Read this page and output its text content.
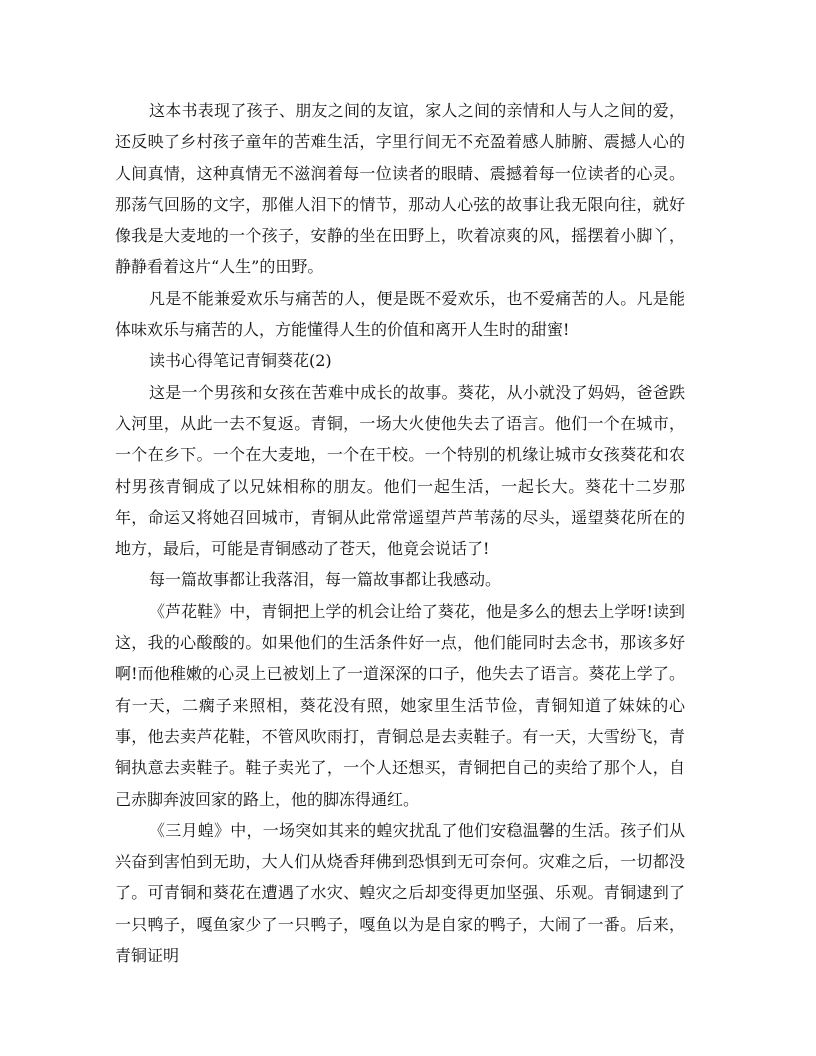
这本书表现了孩子、朋友之间的友谊，家人之间的亲情和人与人之间的爱，还反映了乡村孩子童年的苦难生活，字里行间无不充盈着感人肺腑、震撼人心的人间真情，这种真情无不滋润着每一位读者的眼睛、震撼着每一位读者的心灵。那荡气回肠的文字，那催人泪下的情节，那动人心弦的故事让我无限向往，就好像我是大麦地的一个孩子，安静的坐在田野上，吹着凉爽的风，摇摆着小脚丫，静静看着这片“人生”的田野。

凡是不能兼爱欢乐与痛苦的人，便是既不爱欢乐，也不爱痛苦的人。凡是能体味欢乐与痛苦的人，方能懂得人生的价值和离开人生时的甜蜜!

读书心得笔记青铜葵花(2)

这是一个男孩和女孩在苦难中成长的故事。葵花，从小就没了妈妈，爸爸跌入河里，从此一去不复返。青铜，一场大火使他失去了语言。他们一个在城市，一个在乡下。一个在大麦地，一个在干校。一个特别的机缘让城市女孩葵花和农村男孩青铜成了以兄妹相称的朋友。他们一起生活，一起长大。葵花十二岁那年，命运又将她召回城市，青铜从此常常遥望芦芦苇荡的尽头，遥望葵花所在的地方，最后，可能是青铜感动了苍天，他竟会说话了!

每一篇故事都让我落泪，每一篇故事都让我感动。

《芦花鞋》中，青铜把上学的机会让给了葵花，他是多么的想去上学呀!读到这，我的心酸酸的。如果他们的生活条件好一点，他们能同时去念书，那该多好啊!而他稚嫩的心灵上已被划上了一道深深的口子，他失去了语言。葵花上学了。有一天，二瘸子来照相，葵花没有照，她家里生活节俭，青铜知道了妹妹的心事，他去卖芦花鞋，不管风吹雨打，青铜总是去卖鞋子。有一天，大雪纷飞，青铜执意去卖鞋子。鞋子卖光了，一个人还想买，青铜把自己的卖给了那个人，自己赤脚奔波回家的路上，他的脚冻得通红。

《三月蝗》中，一场突如其来的蝗灾扰乱了他们安稳温馨的生活。孩子们从兴奋到害怕到无助，大人们从烧香拜佛到恐惧到无可奈何。灾难之后，一切都没了。可青铜和葵花在遭遇了水灾、蝗灾之后却变得更加坚强、乐观。青铜逮到了一只鸭子，嘎鱼家少了一只鸭子，嘎鱼以为是自家的鸭子，大闹了一番。后来，青铜证明
